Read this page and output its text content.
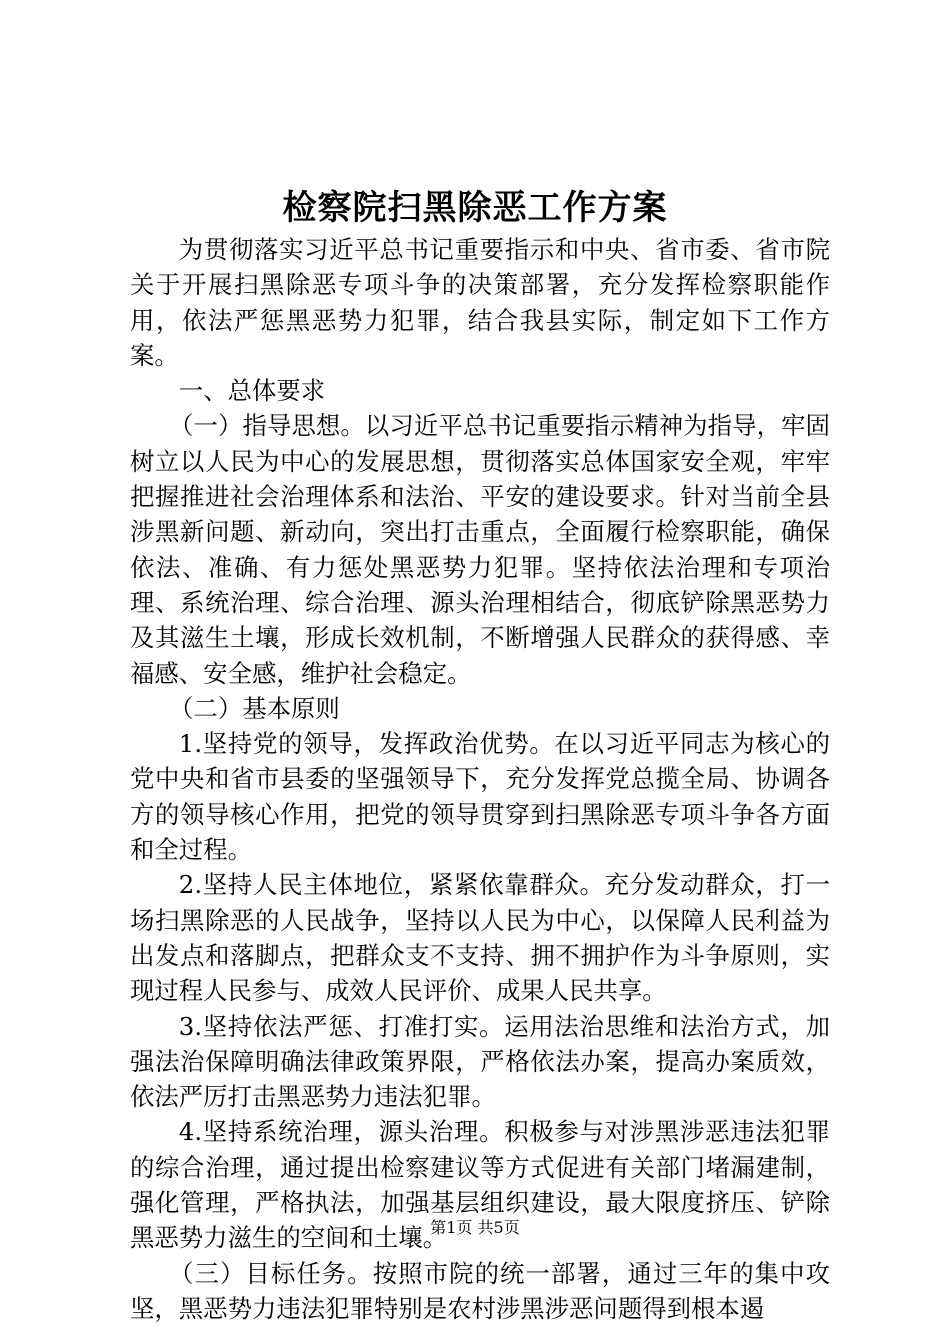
检察院扫黑除恶工作方案

为贯彻落实习近平总书记重要指示和中央、省市委、省市院关于开展扫黑除恶专项斗争的决策部署，充分发挥检察职能作用，依法严惩黑恶势力犯罪，结合我县实际，制定如下工作方案。

一、总体要求

（一）指导思想。以习近平总书记重要指示精神为指导，牢固树立以人民为中心的发展思想，贯彻落实总体国家安全观，牢牢把握推进社会治理体系和法治、平安的建设要求。针对当前全县涉黑新问题、新动向，突出打击重点，全面履行检察职能，确保依法、准确、有力惩处黑恶势力犯罪。坚持依法治理和专项治理、系统治理、综合治理、源头治理相结合，彻底铲除黑恶势力及其滋生土壤，形成长效机制，不断增强人民群众的获得感、幸福感、安全感，维护社会稳定。

（二）基本原则

1.坚持党的领导，发挥政治优势。在以习近平同志为核心的党中央和省市县委的坚强领导下，充分发挥党总揽全局、协调各方的领导核心作用，把党的领导贯穿到扫黑除恶专项斗争各方面和全过程。

2.坚持人民主体地位，紧紧依靠群众。充分发动群众，打一场扫黑除恶的人民战争，坚持以人民为中心，以保障人民利益为出发点和落脚点，把群众支不支持、拥不拥护作为斗争原则，实现过程人民参与、成效人民评价、成果人民共享。

3.坚持依法严惩、打准打实。运用法治思维和法治方式，加强法治保障明确法律政策界限，严格依法办案，提高办案质效，依法严厉打击黑恶势力违法犯罪。

4.坚持系统治理，源头治理。积极参与对涉黑涉恶违法犯罪的综合治理，通过提出检察建议等方式促进有关部门堵漏建制，强化管理，严格执法，加强基层组织建设，最大限度挤压、铲除黑恶势力滋生的空间和土壤。

（三）目标任务。按照市院的统一部署，通过三年的集中攻坚，黑恶势力违法犯罪特别是农村涉黑涉恶问题得到根本遏

第1页 共5页
